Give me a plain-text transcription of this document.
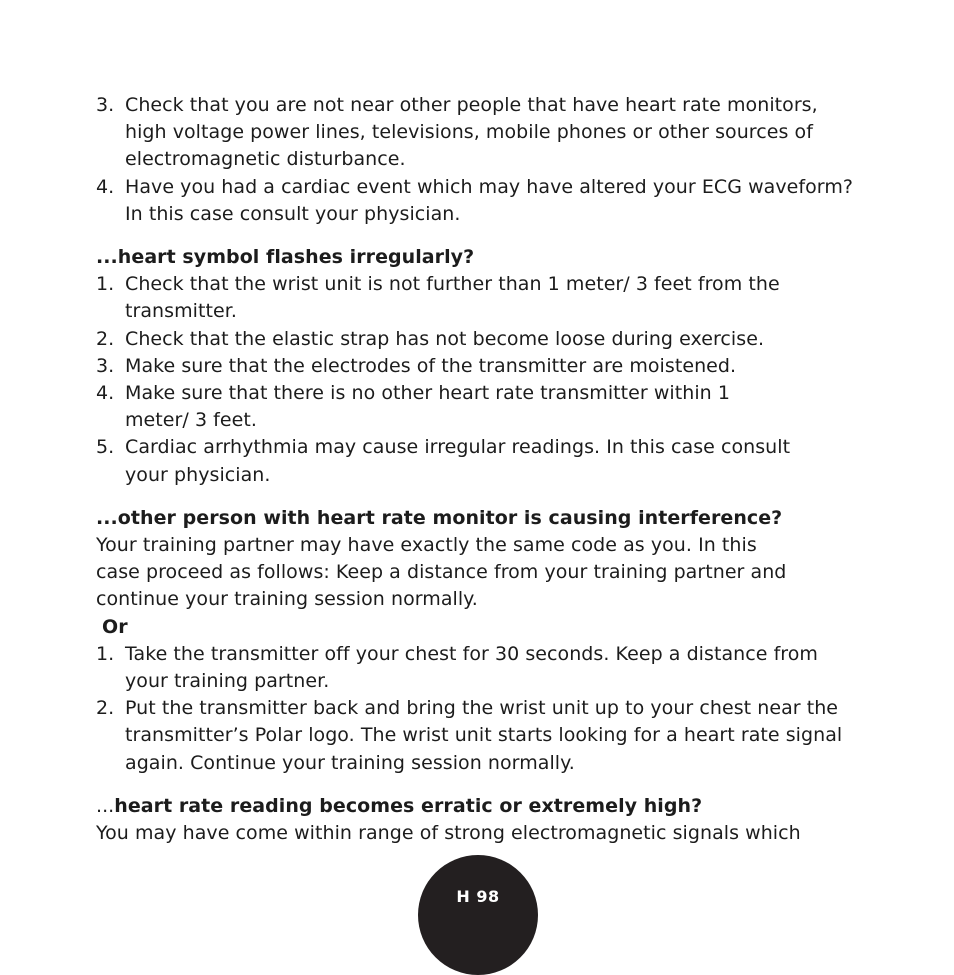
3. Check that you are not near other people that have heart rate monitors, high voltage power lines, televisions, mobile phones or other sources of electromagnetic disturbance.
4. Have you had a cardiac event which may have altered your ECG waveform? In this case consult your physician.
...heart symbol flashes irregularly?
1. Check that the wrist unit is not further than 1 meter/ 3 feet from the transmitter.
2. Check that the elastic strap has not become loose during exercise.
3. Make sure that the electrodes of the transmitter are moistened.
4. Make sure that there is no other heart rate transmitter within 1 meter/ 3 feet.
5. Cardiac arrhythmia may cause irregular readings. In this case consult your physician.
...other person with heart rate monitor is causing interference?

Your training partner may have exactly the same code as you. In this case proceed as follows: Keep a distance from your training partner and continue your training session normally.

Or
1. Take the transmitter off your chest for 30 seconds. Keep a distance from your training partner.
2. Put the transmitter back and bring the wrist unit up to your chest near the transmitter’s Polar logo. The wrist unit starts looking for a heart rate signal again. Continue your training session normally.
...heart rate reading becomes erratic or extremely high?

You may have come within range of strong electromagnetic signals which

H 98
